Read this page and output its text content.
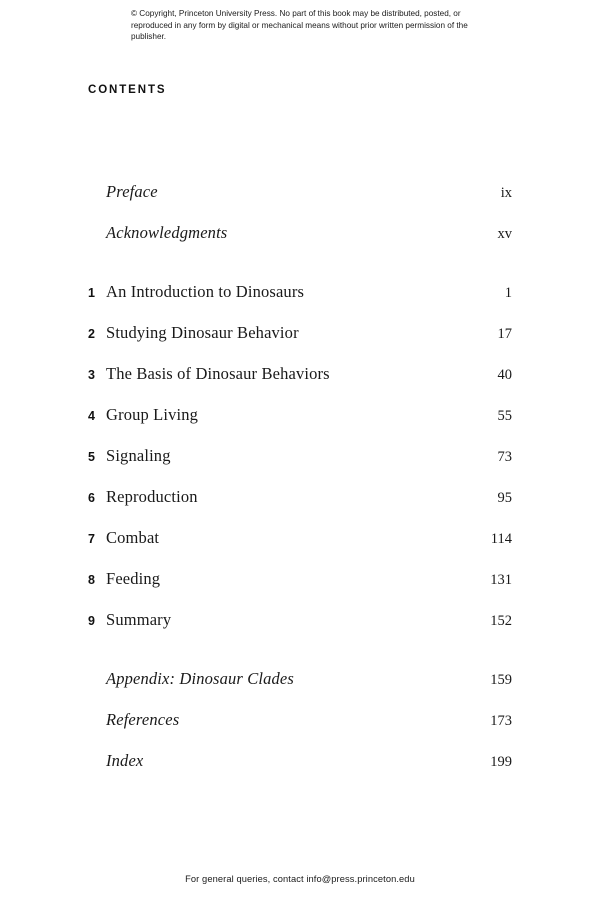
© Copyright, Princeton University Press. No part of this book may be distributed, posted, or reproduced in any form by digital or mechanical means without prior written permission of the publisher.
CONTENTS
Preface	ix
Acknowledgments	xv
1 An Introduction to Dinosaurs	1
2 Studying Dinosaur Behavior	17
3 The Basis of Dinosaur Behaviors	40
4 Group Living	55
5 Signaling	73
6 Reproduction	95
7 Combat	114
8 Feeding	131
9 Summary	152
Appendix: Dinosaur Clades	159
References	173
Index	199
For general queries, contact info@press.princeton.edu
